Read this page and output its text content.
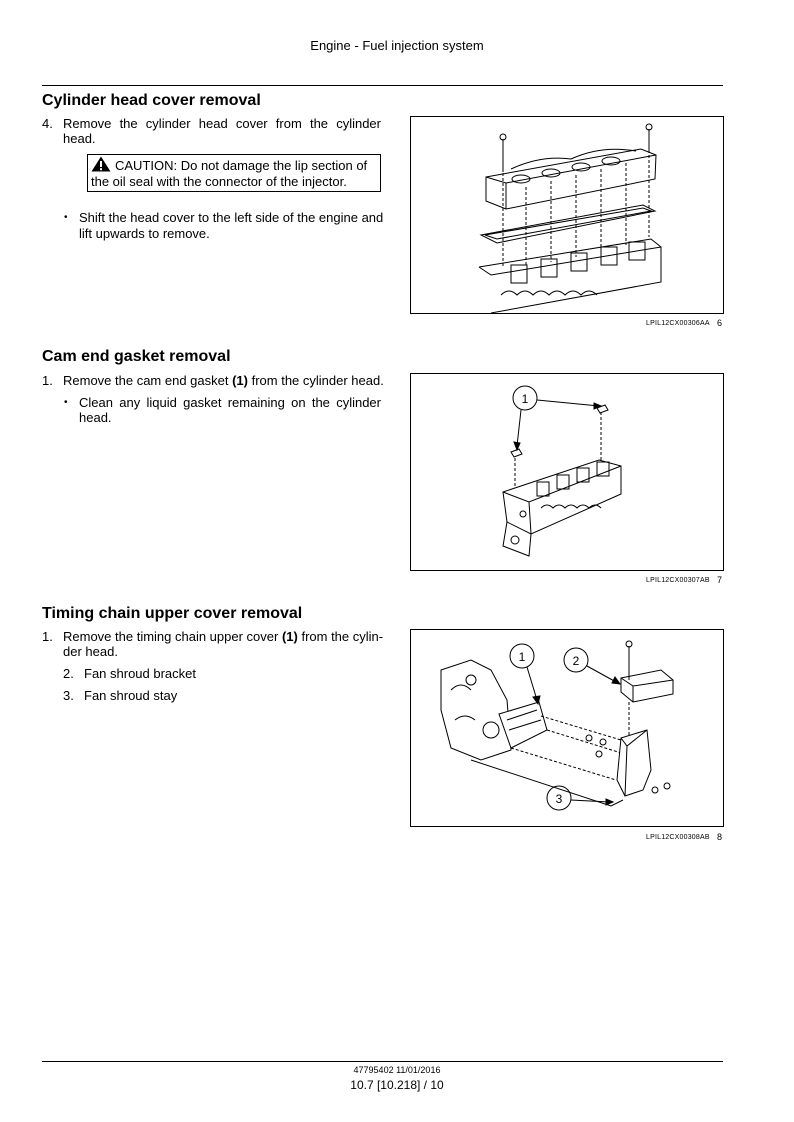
Engine - Fuel injection system
Cylinder head cover removal
4. Remove the cylinder head cover from the cylinder
head.
CAUTION: Do not damage the lip section of
the oil seal with the connector of the injector.
• Shift the head cover to the left side of the engine and
lift upwards to remove.
LPIL12CX00306AA 6
Cam end gasket removal
1. Remove the cam end gasket (1) from the cylinder head.
• Clean any liquid gasket remaining on the cylinder
head.
1
LPIL12CX00307AB 7
Timing chain upper cover removal
1. Remove the timing chain upper cover (1) from the cylin-
der head.
2. Fan shroud bracket
3. Fan shroud stay
1	2
3
LPIL12CX00308AB 8
47795402 11/01/2016
10.7 [10.218] / 10
